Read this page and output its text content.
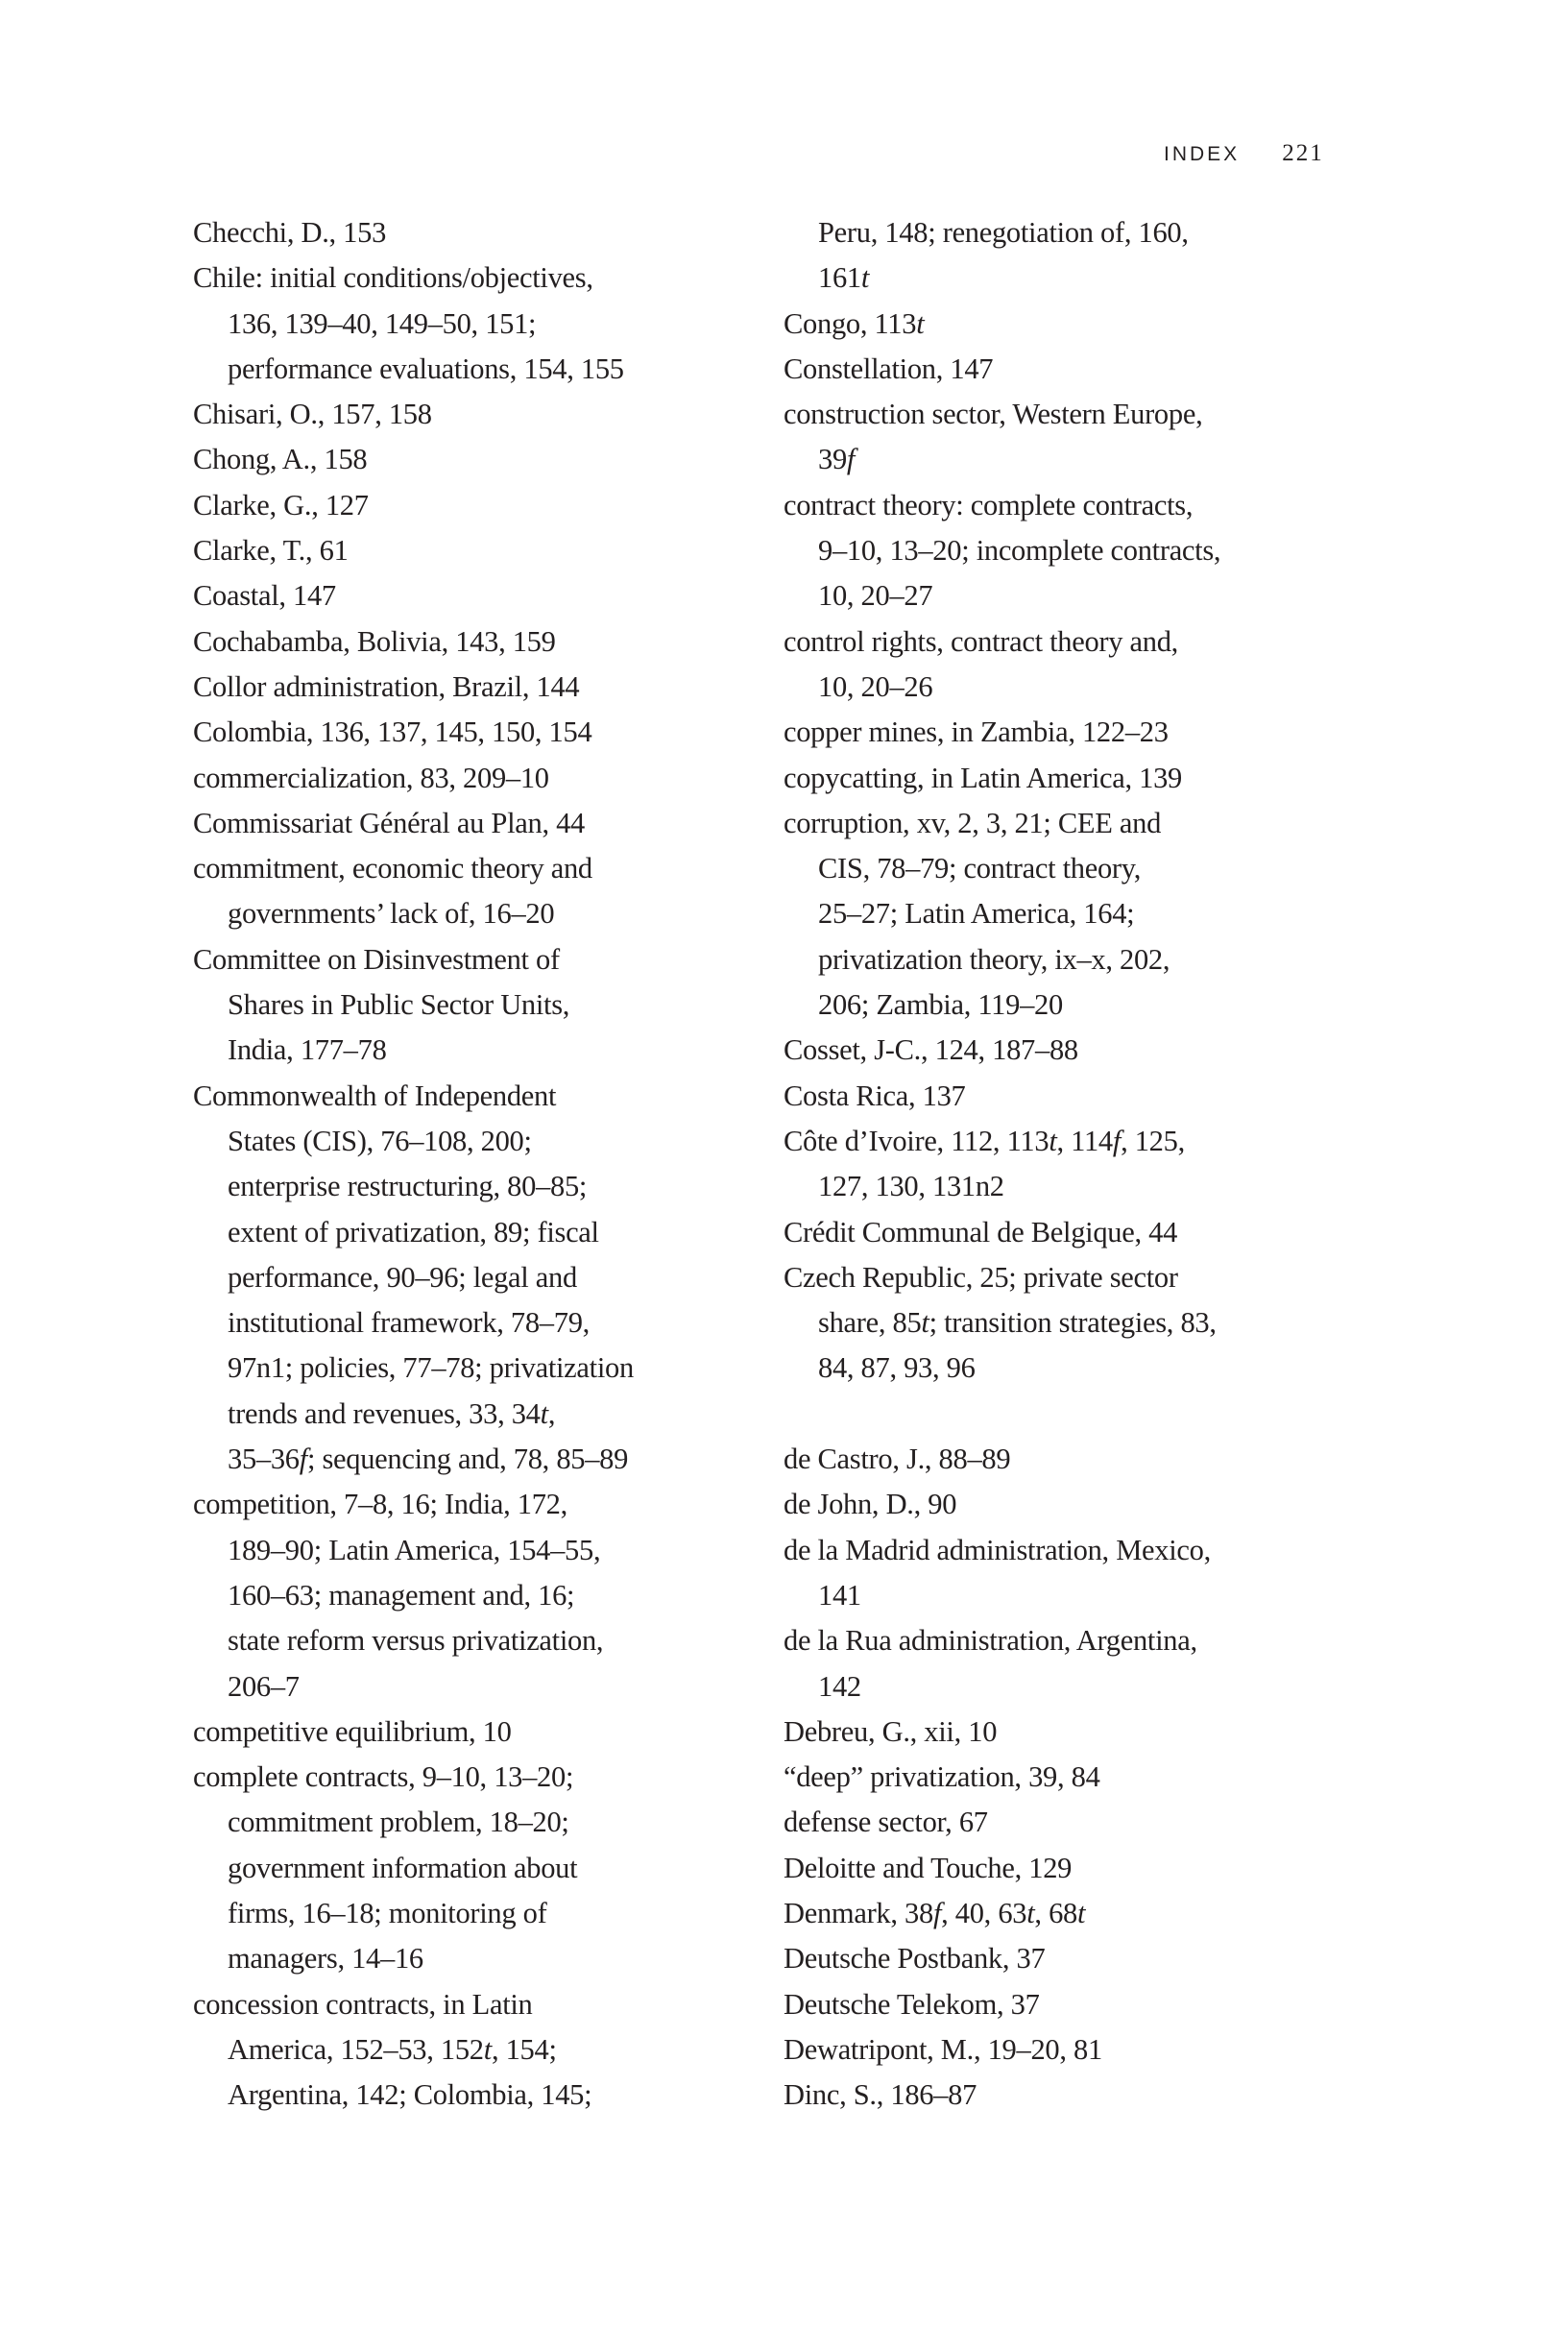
INDEX 221
Checchi, D., 153
Chile: initial conditions/objectives,
136, 139–40, 149–50, 151;
performance evaluations, 154, 155
Chisari, O., 157, 158
Chong, A., 158
Clarke, G., 127
Clarke, T., 61
Coastal, 147
Cochabamba, Bolivia, 143, 159
Collor administration, Brazil, 144
Colombia, 136, 137, 145, 150, 154
commercialization, 83, 209–10
Commissariat Général au Plan, 44
commitment, economic theory and
governments’ lack of, 16–20
Committee on Disinvestment of
Shares in Public Sector Units,
India, 177–78
Commonwealth of Independent
States (CIS), 76–108, 200;
enterprise restructuring, 80–85;
extent of privatization, 89; fiscal
performance, 90–96; legal and
institutional framework, 78–79,
97n1; policies, 77–78; privatization
trends and revenues, 33, 34t,
35–36f; sequencing and, 78, 85–89
competition, 7–8, 16; India, 172,
189–90; Latin America, 154–55,
160–63; management and, 16;
state reform versus privatization,
206–7
competitive equilibrium, 10
complete contracts, 9–10, 13–20;
commitment problem, 18–20;
government information about
firms, 16–18; monitoring of
managers, 14–16
concession contracts, in Latin
America, 152–53, 152t, 154;
Argentina, 142; Colombia, 145;
Peru, 148; renegotiation of, 160,
161t
Congo, 113t
Constellation, 147
construction sector, Western Europe,
39f
contract theory: complete contracts,
9–10, 13–20; incomplete contracts,
10, 20–27
control rights, contract theory and,
10, 20–26
copper mines, in Zambia, 122–23
copycatting, in Latin America, 139
corruption, xv, 2, 3, 21; CEE and
CIS, 78–79; contract theory,
25–27; Latin America, 164;
privatization theory, ix–x, 202,
206; Zambia, 119–20
Cosset, J-C., 124, 187–88
Costa Rica, 137
Côte d’Ivoire, 112, 113t, 114f, 125,
127, 130, 131n2
Crédit Communal de Belgique, 44
Czech Republic, 25; private sector
share, 85t; transition strategies, 83,
84, 87, 93, 96
de Castro, J., 88–89
de John, D., 90
de la Madrid administration, Mexico,
141
de la Rua administration, Argentina,
142
Debreu, G., xii, 10
“deep” privatization, 39, 84
defense sector, 67
Deloitte and Touche, 129
Denmark, 38f, 40, 63t, 68t
Deutsche Postbank, 37
Deutsche Telekom, 37
Dewatripont, M., 19–20, 81
Dinc, S., 186–87
